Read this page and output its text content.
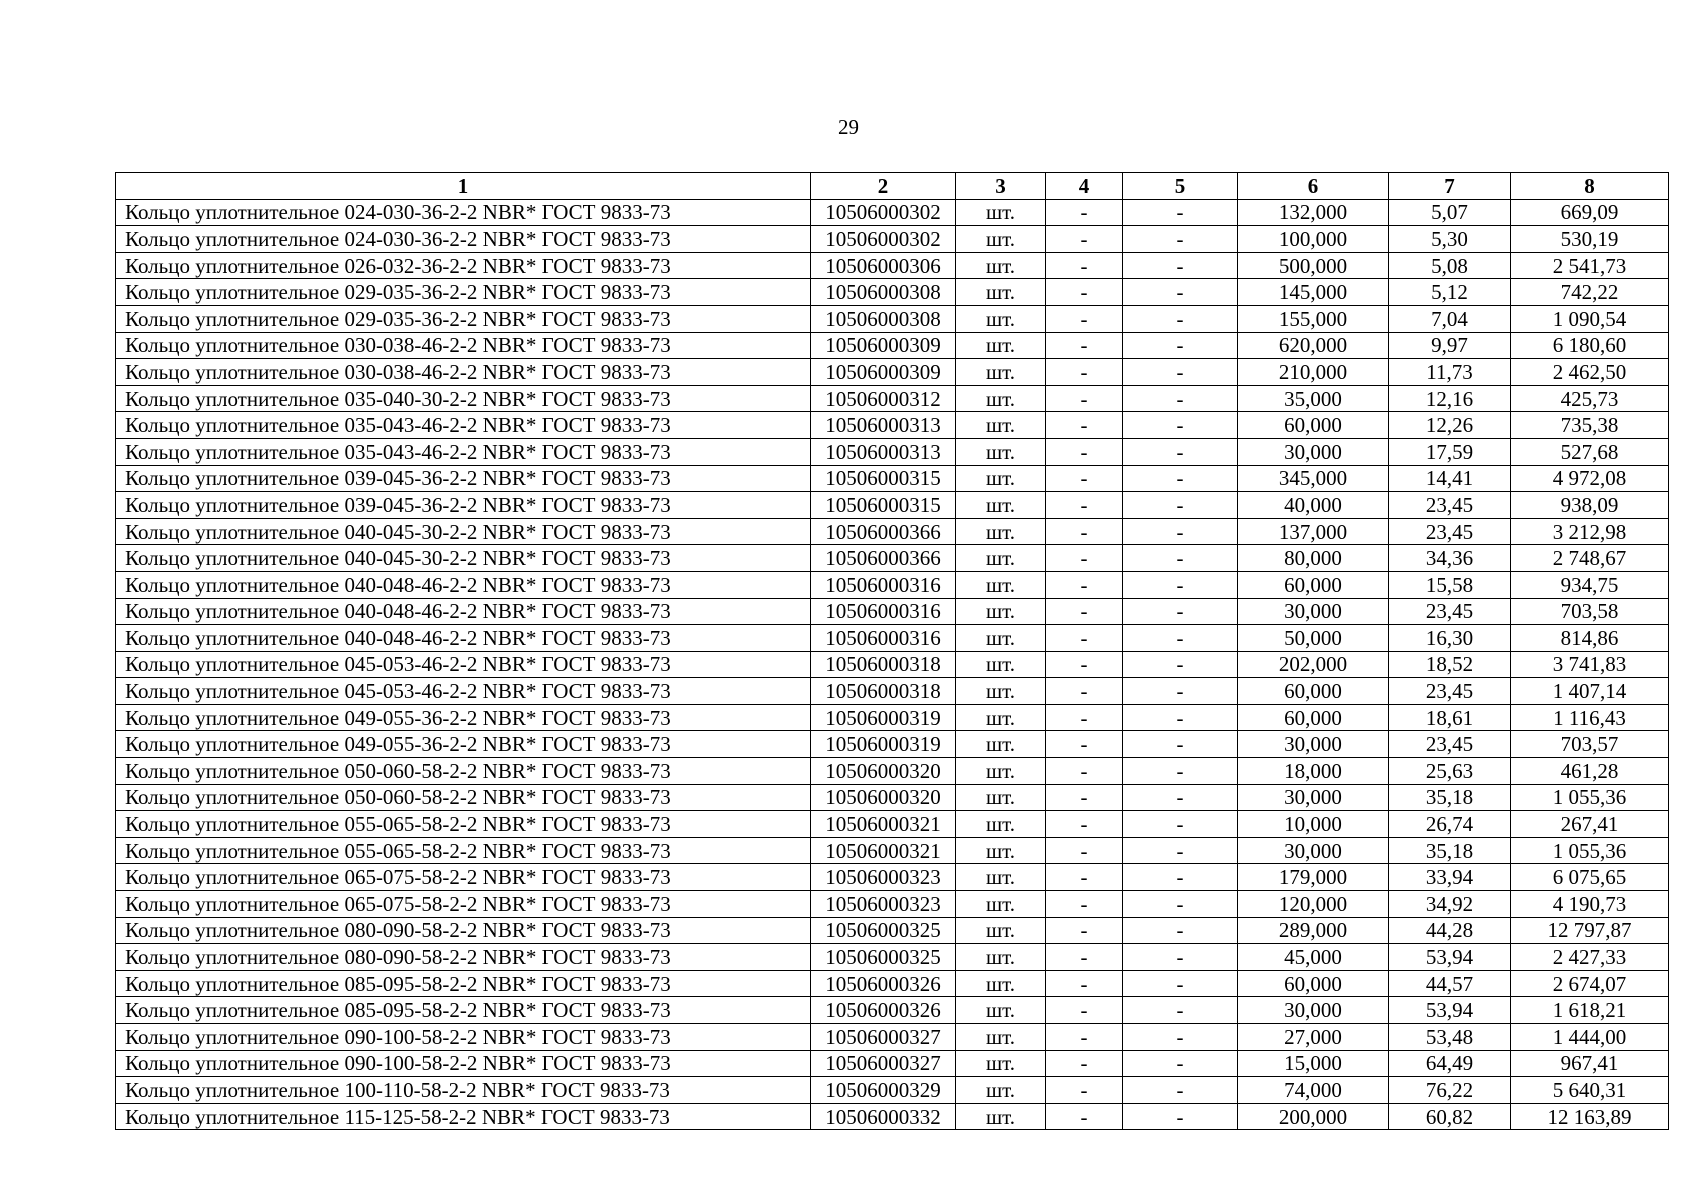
29
1	2	3	4	5	6	7	8
Кольцо уплотнительное 024-030-36-2-2 NBR* ГОСТ 9833-73	10506000302	шт.	-	-	132,000	5,07	669,09
Кольцо уплотнительное 024-030-36-2-2 NBR* ГОСТ 9833-73	10506000302	шт.	-	-	100,000	5,30	530,19
Кольцо уплотнительное 026-032-36-2-2 NBR* ГОСТ 9833-73	10506000306	шт.	-	-	500,000	5,08	2 541,73
Кольцо уплотнительное 029-035-36-2-2 NBR* ГОСТ 9833-73	10506000308	шт.	-	-	145,000	5,12	742,22
Кольцо уплотнительное 029-035-36-2-2 NBR* ГОСТ 9833-73	10506000308	шт.	-	-	155,000	7,04	1 090,54
Кольцо уплотнительное 030-038-46-2-2 NBR* ГОСТ 9833-73	10506000309	шт.	-	-	620,000	9,97	6 180,60
Кольцо уплотнительное 030-038-46-2-2 NBR* ГОСТ 9833-73	10506000309	шт.	-	-	210,000	11,73	2 462,50
Кольцо уплотнительное 035-040-30-2-2 NBR* ГОСТ 9833-73	10506000312	шт.	-	-	35,000	12,16	425,73
Кольцо уплотнительное 035-043-46-2-2 NBR* ГОСТ 9833-73	10506000313	шт.	-	-	60,000	12,26	735,38
Кольцо уплотнительное 035-043-46-2-2 NBR* ГОСТ 9833-73	10506000313	шт.	-	-	30,000	17,59	527,68
Кольцо уплотнительное 039-045-36-2-2 NBR* ГОСТ 9833-73	10506000315	шт.	-	-	345,000	14,41	4 972,08
Кольцо уплотнительное 039-045-36-2-2 NBR* ГОСТ 9833-73	10506000315	шт.	-	-	40,000	23,45	938,09
Кольцо уплотнительное 040-045-30-2-2 NBR* ГОСТ 9833-73	10506000366	шт.	-	-	137,000	23,45	3 212,98
Кольцо уплотнительное 040-045-30-2-2 NBR* ГОСТ 9833-73	10506000366	шт.	-	-	80,000	34,36	2 748,67
Кольцо уплотнительное 040-048-46-2-2 NBR* ГОСТ 9833-73	10506000316	шт.	-	-	60,000	15,58	934,75
Кольцо уплотнительное 040-048-46-2-2 NBR* ГОСТ 9833-73	10506000316	шт.	-	-	30,000	23,45	703,58
Кольцо уплотнительное 040-048-46-2-2 NBR* ГОСТ 9833-73	10506000316	шт.	-	-	50,000	16,30	814,86
Кольцо уплотнительное 045-053-46-2-2 NBR* ГОСТ 9833-73	10506000318	шт.	-	-	202,000	18,52	3 741,83
Кольцо уплотнительное 045-053-46-2-2 NBR* ГОСТ 9833-73	10506000318	шт.	-	-	60,000	23,45	1 407,14
Кольцо уплотнительное 049-055-36-2-2 NBR* ГОСТ 9833-73	10506000319	шт.	-	-	60,000	18,61	1 116,43
Кольцо уплотнительное 049-055-36-2-2 NBR* ГОСТ 9833-73	10506000319	шт.	-	-	30,000	23,45	703,57
Кольцо уплотнительное 050-060-58-2-2 NBR* ГОСТ 9833-73	10506000320	шт.	-	-	18,000	25,63	461,28
Кольцо уплотнительное 050-060-58-2-2 NBR* ГОСТ 9833-73	10506000320	шт.	-	-	30,000	35,18	1 055,36
Кольцо уплотнительное 055-065-58-2-2 NBR* ГОСТ 9833-73	10506000321	шт.	-	-	10,000	26,74	267,41
Кольцо уплотнительное 055-065-58-2-2 NBR* ГОСТ 9833-73	10506000321	шт.	-	-	30,000	35,18	1 055,36
Кольцо уплотнительное 065-075-58-2-2 NBR* ГОСТ 9833-73	10506000323	шт.	-	-	179,000	33,94	6 075,65
Кольцо уплотнительное 065-075-58-2-2 NBR* ГОСТ 9833-73	10506000323	шт.	-	-	120,000	34,92	4 190,73
Кольцо уплотнительное 080-090-58-2-2 NBR* ГОСТ 9833-73	10506000325	шт.	-	-	289,000	44,28	12 797,87
Кольцо уплотнительное 080-090-58-2-2 NBR* ГОСТ 9833-73	10506000325	шт.	-	-	45,000	53,94	2 427,33
Кольцо уплотнительное 085-095-58-2-2 NBR* ГОСТ 9833-73	10506000326	шт.	-	-	60,000	44,57	2 674,07
Кольцо уплотнительное 085-095-58-2-2 NBR* ГОСТ 9833-73	10506000326	шт.	-	-	30,000	53,94	1 618,21
Кольцо уплотнительное 090-100-58-2-2 NBR* ГОСТ 9833-73	10506000327	шт.	-	-	27,000	53,48	1 444,00
Кольцо уплотнительное 090-100-58-2-2 NBR* ГОСТ 9833-73	10506000327	шт.	-	-	15,000	64,49	967,41
Кольцо уплотнительное 100-110-58-2-2 NBR* ГОСТ 9833-73	10506000329	шт.	-	-	74,000	76,22	5 640,31
Кольцо уплотнительное 115-125-58-2-2 NBR* ГОСТ 9833-73	10506000332	шт.	-	-	200,000	60,82	12 163,89
